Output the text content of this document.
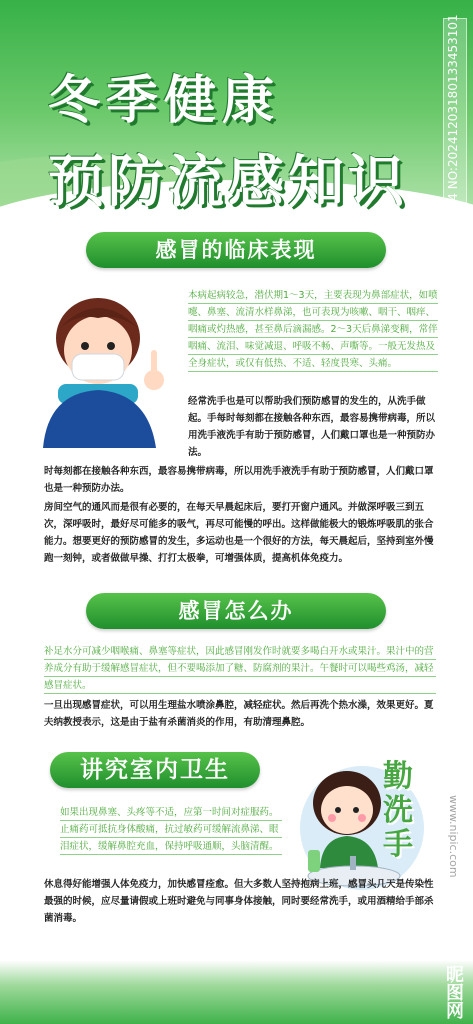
冬季健康
预防流感知识	ID:32257654 NO:20241203180133453101
感冒的临床表现
本病起病较急，潜伏期1～3天，主要表现为鼻部症状，如喷嚏、鼻塞、流清水样鼻涕，也可表现为咳嗽、咽干、咽痒、咽痛或灼热感，甚至鼻后滴漏感。2～3天后鼻涕变稠，常伴咽痛、流泪、味觉减退、呼吸不畅、声嘶等。一般无发热及全身症状，或仅有低热、不适、轻度畏寒、头痛。
经常洗手也是可以帮助我们预防感冒的发生的，从洗手做起。手每时每刻都在接触各种东西，最容易携带病毒，所以用洗手液洗手有助于预防感冒，人们戴口罩也是一种预防办法。
时每刻都在接触各种东西，最容易携带病毒，所以用洗手液洗手有助于预防感冒，人们戴口罩也是一种预防办法。
房间空气的通风而是很有必要的，在每天早晨起床后，要打开窗户通风。并做深呼吸三到五次，深呼吸时，最好尽可能多的吸气，再尽可能慢的呼出。这样做能极大的锻炼呼吸肌的张合能力。想要更好的预防感冒的发生，多运动也是一个很好的方法，每天晨起后，坚持到室外慢跑一刻钟，或者做做早操、打打太极拳，可增强体质，提高机体免疫力。
感冒怎么办
补足水分可减少咽喉痛、鼻塞等症状，因此感冒刚发作时就要多喝白开水或果汁。果汁中的营养成分有助于缓解感冒症状，但不要喝添加了糖、防腐剂的果汁。午餐时可以喝些鸡汤，减轻感冒症状。
一旦出现感冒症状，可以用生理盐水喷涂鼻腔，减轻症状。然后再洗个热水澡，效果更好。夏夫纳教授表示，这是由于盐有杀菌消炎的作用，有助清理鼻腔。
讲究室内卫生	勤洗手
如果出现鼻塞、头疼等不适，应第一时间对症服药。止痛药可抵抗身体酸痛，抗过敏药可缓解流鼻涕、眼泪症状，缓解鼻腔充血，保持呼吸通顺，头脑清醒。
休息得好能增强人体免疫力，加快感冒痊愈。但大多数人坚持抱病上班，感冒头几天是传染性最强的时候，应尽量请假或上班时避免与同事身体接触，同时要经常洗手，或用酒精给手部杀菌消毒。
www.nipic.com
昵图网
